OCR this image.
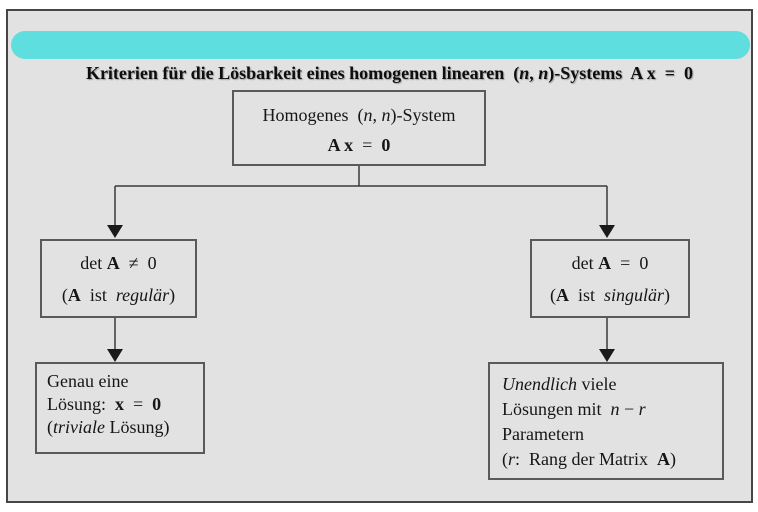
Kriterien für die Lösbarkeit eines homogenen linearen  (n, n)-Systems  A x  =  0

Homogenes  (n, n)-System
A x  =  0
det A  ≠  0
(A  ist  regulär)
det A  =  0
(A  ist  singulär)
Genau eine
Lösung:  x  =  0
(triviale Lösung)
Unendlich viele
Lösungen mit  n − r
Parametern
(r:  Rang der Matrix  A)
